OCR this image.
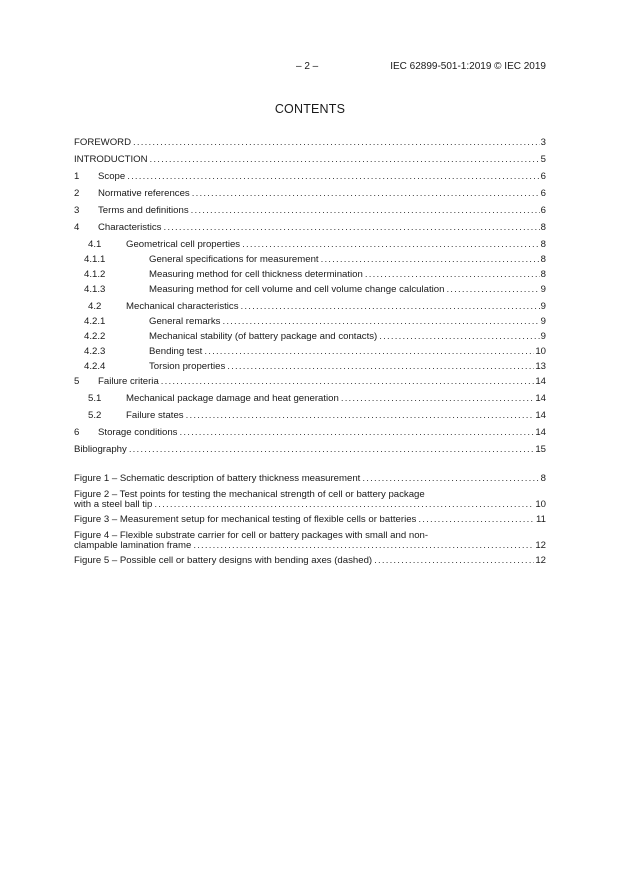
– 2 –	IEC 62899-501-1:2019 © IEC 2019
CONTENTS
FOREWORD .....	3
INTRODUCTION .....	5
1	Scope .....	6
2	Normative references .....	6
3	Terms and definitions .....	6
4	Characteristics .....	8
4.1	Geometrical cell properties .....	8
4.1.1	General specifications for measurement .....	8
4.1.2	Measuring method for cell thickness determination .....	8
4.1.3	Measuring method for cell volume and cell volume change calculation .....	9
4.2	Mechanical characteristics .....	9
4.2.1	General remarks .....	9
4.2.2	Mechanical stability (of battery package and contacts) .....	9
4.2.3	Bending test .....	10
4.2.4	Torsion properties .....	13
5	Failure criteria .....	14
5.1	Mechanical package damage and heat generation .....	14
5.2	Failure states .....	14
6	Storage conditions .....	14
Bibliography .....	15
Figure 1 – Schematic description of battery thickness measurement .....	8
Figure 2 – Test points for testing the mechanical strength of cell or battery package
with a steel ball tip .....	10
Figure 3 – Measurement setup for mechanical testing of flexible cells or batteries .....	11
Figure 4 – Flexible substrate carrier for cell or battery packages with small and non-
clampable lamination frame .....	12
Figure 5 – Possible cell or battery designs with bending axes (dashed) .....	12
